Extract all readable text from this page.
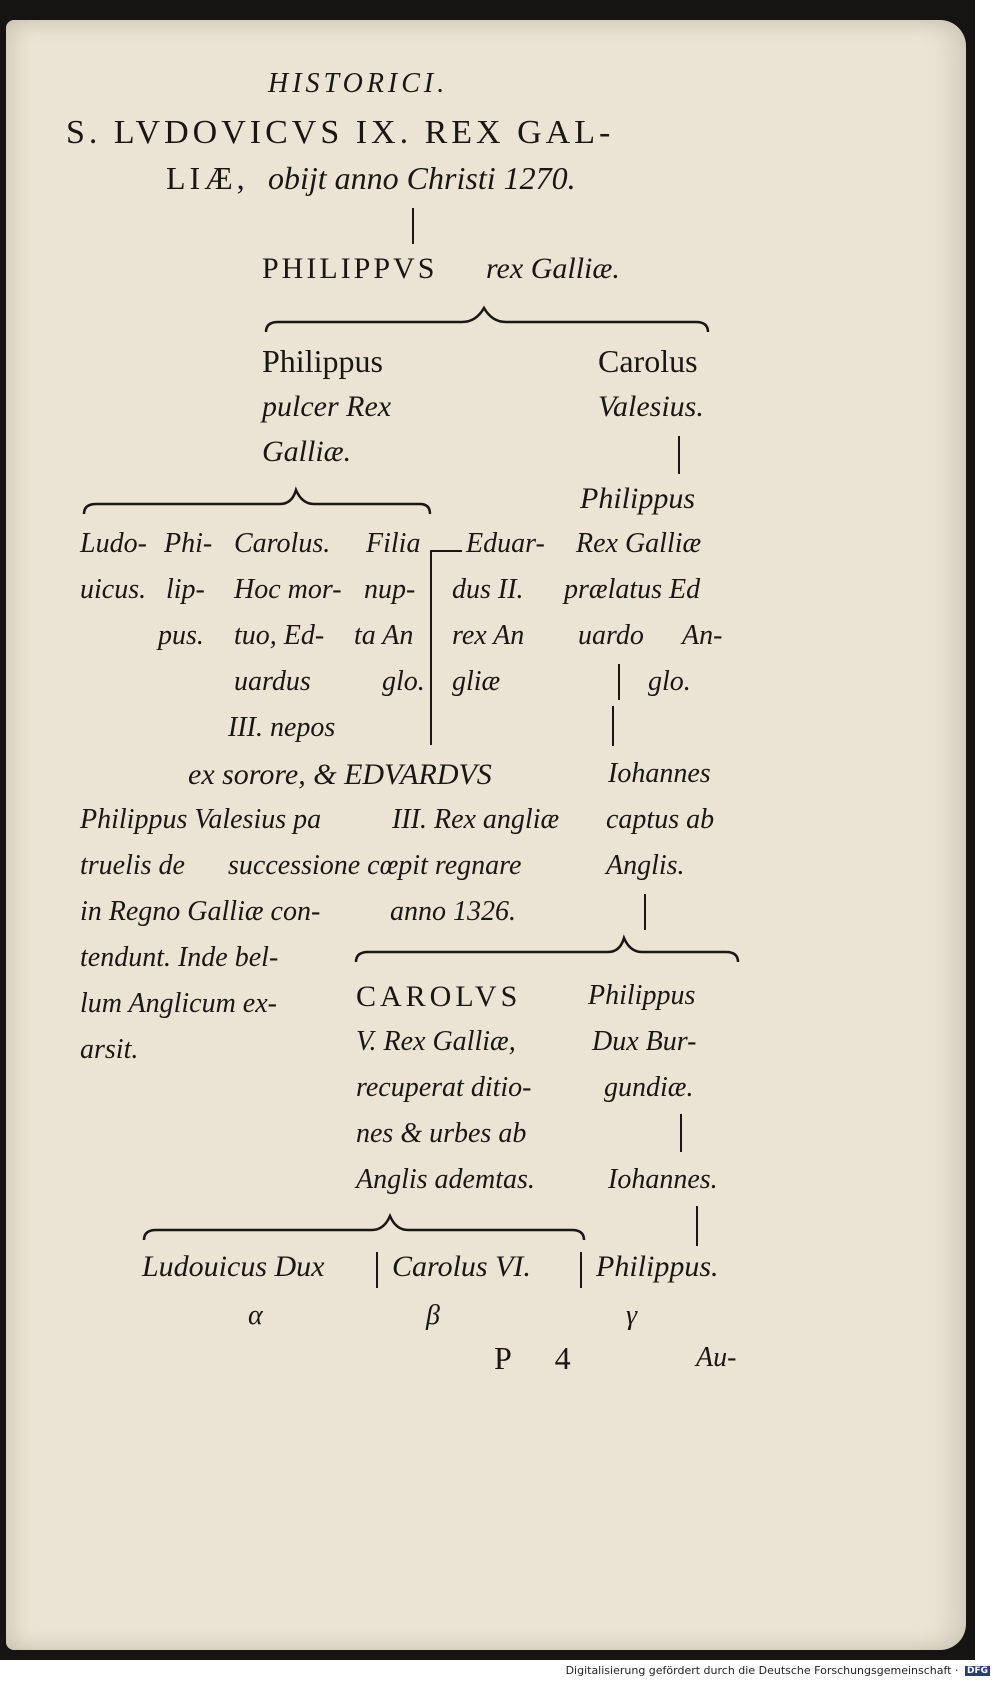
HISTORICI.
S. LVDOVICVS IX. REX GAL-
LIÆ, obijt anno Christi 1270.
PHILIPPVS rex Galliæ.
Philippus
pulcer Rex
Galliæ.
Carolus
Valesius.
Philippus
Ludo-
uicus. lip-
Phi-
pus.
Carolus.
Hoc mor-
tuo, Ed-
uardus
III. nepos
Filia
nup-
ta An
glo.
Eduar-
dus II.
rex An
gliæ
Rex Galliæ
prælatus Ed
uardo An-
glo.
ex sorore, & EDVARDVS	Iohannes
Philippus Valesius pa
truelis de
in Regno Galliæ con-
tendunt. Inde bel-
lum Anglicum ex-
arsit.
III. Rex angliæ
successione cœpit regnare
anno 1326.
captus ab
Anglis.
CAROLVS
V. Rex Galliæ,
recuperat ditio-
nes & urbes ab
Anglis ademtas.
Philippus
Dux Bur-
gundiæ.
Iohannes.
Ludouicus Dux Carolus VI. Philippus.
α	β	γ
P 4	Au-
Digitalisierung gefördert durch die Deutsche Forschungsgemeinschaft · DFG
